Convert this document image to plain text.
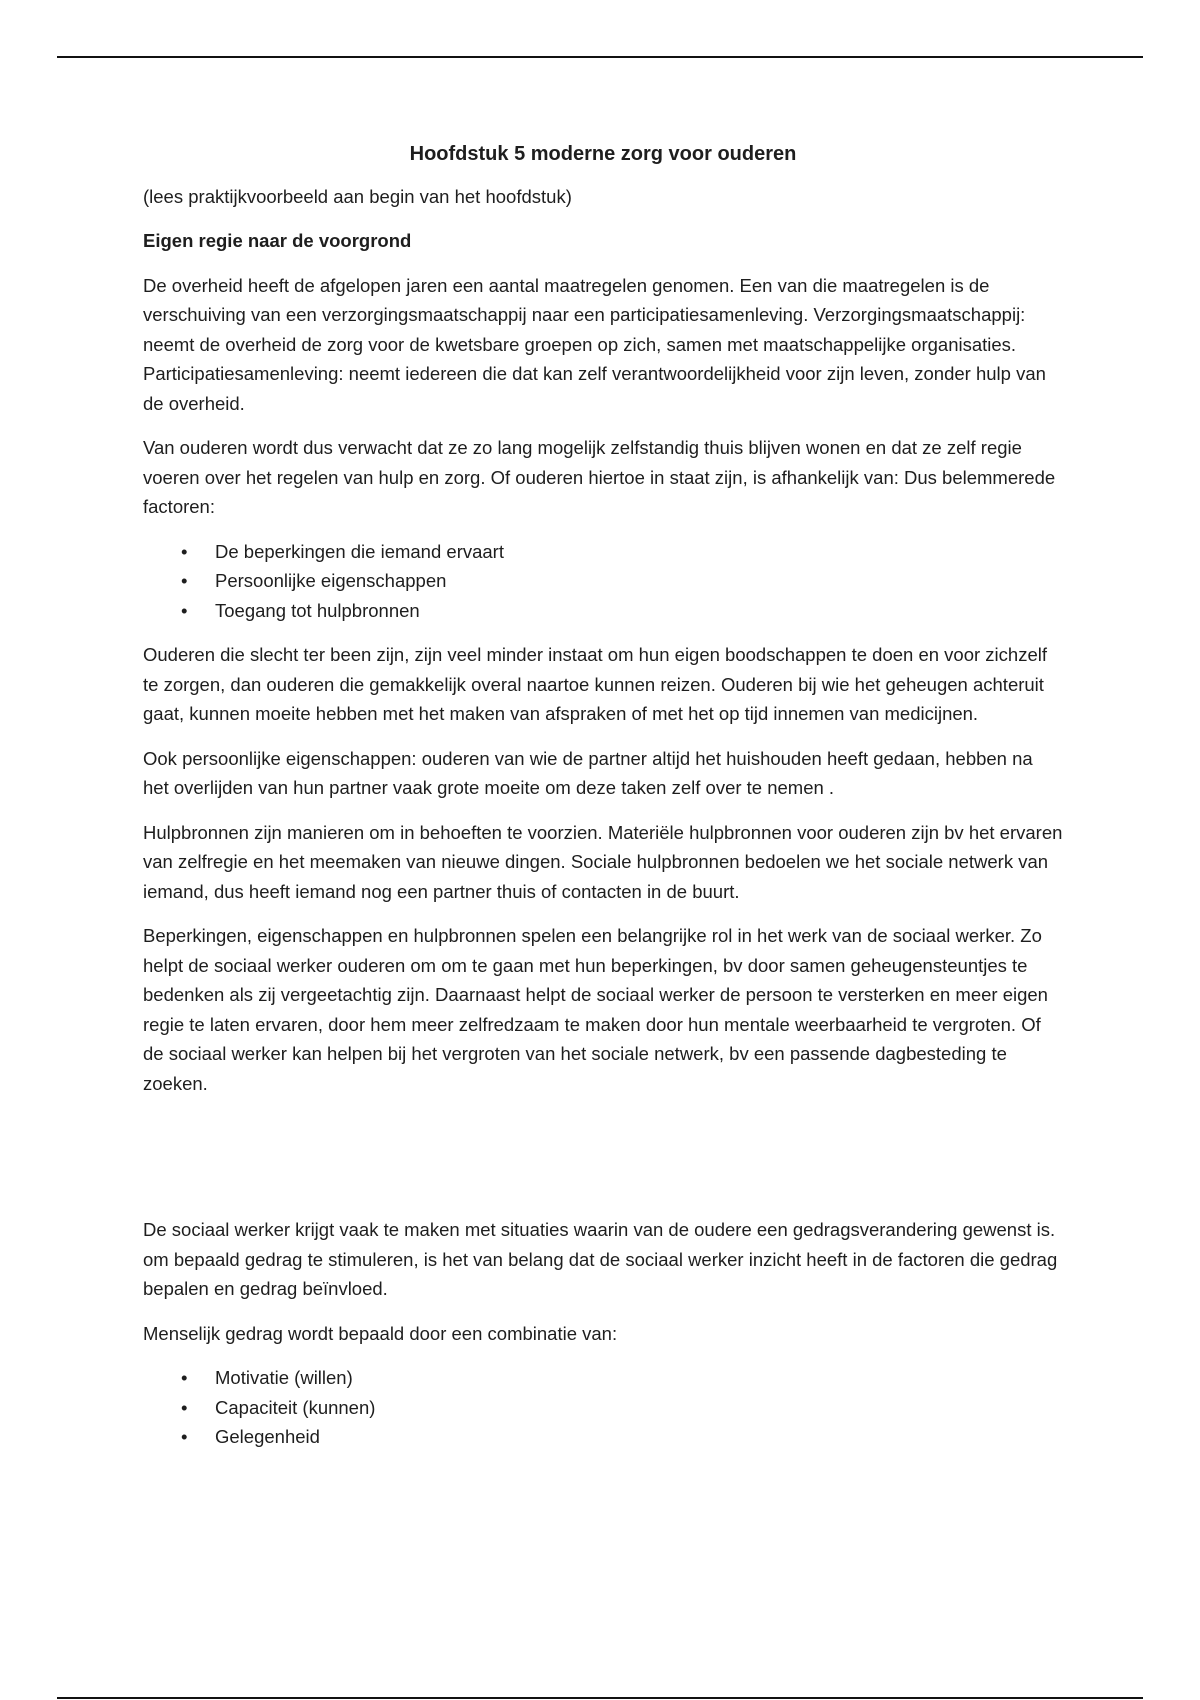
Hoofdstuk 5 moderne zorg voor ouderen

(lees praktijkvoorbeeld aan begin van het hoofdstuk)

Eigen regie naar de voorgrond

De overheid heeft de afgelopen jaren een aantal maatregelen genomen. Een van die maatregelen is de verschuiving van een verzorgingsmaatschappij naar een participatiesamenleving. Verzorgingsmaatschappij: neemt de overheid de zorg voor de kwetsbare groepen op zich, samen met maatschappelijke organisaties. Participatiesamenleving: neemt iedereen die dat kan zelf verantwoordelijkheid voor zijn leven, zonder hulp van de overheid.

Van ouderen wordt dus verwacht dat ze zo lang mogelijk zelfstandig thuis blijven wonen en dat ze zelf regie voeren over het regelen van hulp en zorg. Of ouderen hiertoe in staat zijn, is afhankelijk van: Dus belemmerede factoren:

• De beperkingen die iemand ervaart
• Persoonlijke eigenschappen
• Toegang tot hulpbronnen

Ouderen die slecht ter been zijn, zijn veel minder instaat om hun eigen boodschappen te doen en voor zichzelf te zorgen, dan ouderen die gemakkelijk overal naartoe kunnen reizen. Ouderen bij wie het geheugen achteruit gaat, kunnen moeite hebben met het maken van afspraken of met het op tijd innemen van medicijnen.

Ook persoonlijke eigenschappen: ouderen van wie de partner altijd het huishouden heeft gedaan, hebben na het overlijden van hun partner vaak grote moeite om deze taken zelf over te nemen .

Hulpbronnen zijn manieren om in behoeften te voorzien. Materiële hulpbronnen voor ouderen zijn bv het ervaren van zelfregie en het meemaken van nieuwe dingen. Sociale hulpbronnen bedoelen we het sociale netwerk van iemand, dus heeft iemand nog een partner thuis of contacten in de buurt.

Beperkingen, eigenschappen en hulpbronnen spelen een belangrijke rol in het werk van de sociaal werker. Zo helpt de sociaal werker ouderen om om te gaan met hun beperkingen, bv door samen geheugensteuntjes te bedenken als zij vergeetachtig zijn. Daarnaast helpt de sociaal werker de persoon te versterken en meer eigen regie te laten ervaren, door hem meer zelfredzaam te maken door hun mentale weerbaarheid te vergroten. Of de sociaal werker kan helpen bij het vergroten van het sociale netwerk, bv een passende dagbesteding te zoeken.

De sociaal werker krijgt vaak te maken met situaties waarin van de oudere een gedragsverandering gewenst is. om bepaald gedrag te stimuleren, is het van belang dat de sociaal werker inzicht heeft in de factoren die gedrag bepalen en gedrag beïnvloed.

Menselijk gedrag wordt bepaald door een combinatie van:

• Motivatie (willen)
• Capaciteit (kunnen)
• Gelegenheid
